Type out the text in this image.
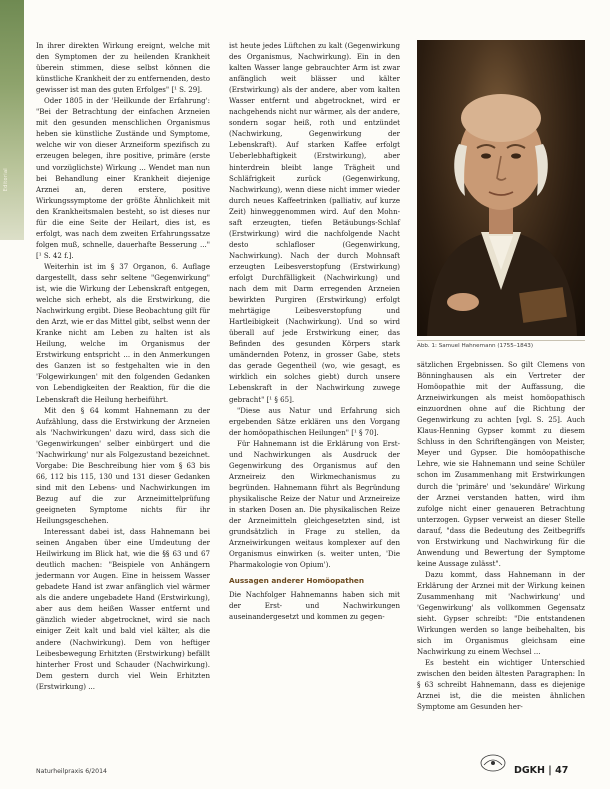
Editorial

In ihrer direkten Wirkung ereignt, welche mit den Symptomen der zu heilenden Krankheit überein stimmen, diese selbst können die künstliche Krankheit der zu entfernenden, desto gewisser ist man des guten Erfolges" [¹ S. 29].

Oder 1805 in der 'Heilkunde der Erfahrung': "Bei der Betrachtung der einfachen Arzneien mit den gesunden menschlichen Organismus heben sie künstliche Zustände und Symptome, welche wir von dieser Arzneiform spezifisch zu erzeugen belegen, ihre positive, primäre (erste und vorzüglichste) Wirkung ... Wendet man nun bei Behandlung einer Krankheit diejenige Arznei an, deren erstere, positive Wirkungssymptome der größte Ähnlichkeit mit den Krankheitsmalen besteht, so ist dieses nur für die eine Seite der Heilart, dies ist, es erfolgt, was nach dem zweiten Erfahrungssatze folgen muß, schnelle, dauerhafte Besserung ..." [¹ S. 42 f.].

Weiterhin ist im § 37 Organon, 6. Auflage dargestellt, dass sehr seltene "Gegenwirkung" ist, wie die Wirkung der Lebenskraft entgegen, welche sich erhebt, als die Erstwirkung, die Nachwirkung ergibt. Diese Beobachtung gilt für den Arzt, wie er das Mittel gibt, selbst wenn der Kranke nicht am Leben zu halten ist als Heilung, welche im Organismus der Erstwirkung entspricht ... in den Anmerkungen des Ganzen ist so festgehalten wie in den 'Folgewirkungen' mit den folgenden Gedanken von Lebendigkeiten der Reaktion, für die die Lebenskraft die Heilung herbeiführt.

Mit den § 64 kommt Hahnemann zu der Aufzählung, dass die Erstwirkung der Arzneien als 'Nachwirkungen' dazu wird, dass sich die 'Gegenwirkungen' selber einbürgert und die 'Nachwirkung' nur als Folgezustand bezeichnet. Vorgabe: Die Beschreibung hier vom § 63 bis 66, 112 bis 115, 130 und 131 dieser Gedanken sind mit den Lebens- und Nachwirkungen im Bezug auf die zur Arzneimittelprüfung geeigneten Symptome nichts für ihr Heilungsgeschehen.

Interessant dabei ist, dass Hahnemann bei seinen Angaben über eine Umdeutung der Heilwirkung im Blick hat, wie die §§ 63 und 67 deutlich machen: "Beispiele von Anhängern jedermann vor Augen. Eine in heissem Wasser gebadete Hand ist zwar anfänglich viel wärmer als die andere ungebadete Hand (Erstwirkung), aber aus dem heißen Wasser entfernt und gänzlich wieder abgetrocknet, wird sie nach einiger Zeit kalt und bald viel kälter, als die andere (Nachwirkung). Dem von heftiger Leibesbewegung Erhitzten (Erstwirkung) befällt hinterher Frost und Schauder (Nachwirkung). Dem gestern durch viel Wein Erhitzten (Erstwirkung) ...

ist heute jedes Lüftchen zu kalt (Gegenwirkung des Organismus, Nachwirkung). Ein in den kalten Wasser lange gebrauchter Arm ist zwar anfänglich weit blässer und kälter (Erstwirkung) als der andere, aber vom kalten Wasser entfernt und abgetrocknet, wird er nachgehends nicht nur wärmer, als der andere, sondern sogar heiß, roth und entzündet (Nachwirkung, Gegenwirkung der Lebenskraft). Auf starken Kaffee erfolgt Ueberlebhaftigkeit (Erstwirkung), aber hinterdrein bleibt lange Trägheit und Schläfrigkeit zurück (Gegenwirkung, Nachwirkung), wenn diese nicht immer wieder durch neues Kaffeetrinken (palliativ, auf kurze Zeit) hinweggenommen wird. Auf den Mohn-saft erzeugten, tiefen Betäubungs-Schlaf (Erstwirkung) wird die nachfolgende Nacht desto schlafloser (Gegenwirkung, Nachwirkung). Nach der durch Mohnsaft erzeugten Leibesverstopfung (Erstwirkung) erfolgt Durchfälligkeit (Nachwirkung) und nach dem mit Darm erregenden Arzneien bewirkten Purgiren (Erstwirkung) erfolgt mehrtägige Leibesverstopfung und Hartleibigkeit (Nachwirkung). Und so wird überall auf jede Erstwirkung einer, das Befinden des gesunden Körpers stark umändernden Potenz, in grosser Gabe, stets das gerade Gegentheil (wo, wie gesagt, es wirklich ein solches giebt) durch unsere Lebenskraft in der Nachwirkung zuwege gebracht" [¹ § 65].

"Diese aus Natur und Erfahrung sich ergebenden Sätze erklären uns den Vorgang der homöopathischen Heilungen" [¹ § 70].

Für Hahnemann ist die Erklärung von Erst- und Nachwirkungen als Ausdruck der Gegenwirkung des Organismus auf den Arzneireiz den Wirkmechanismus zu begründen. Hahnemann führt als Begründung physikalische Reize der Natur und Arzneireize in starken Dosen an. Die physikalischen Reize der Arzneimitteln gleichgesetzten sind, ist grundsätzlich in Frage zu stellen, da Arzneiwirkungen weitaus komplexer auf den Organismus einwirken (s. weiter unten, 'Die Pharmakologie von Opium').

Aussagen anderer Homöopathen

Die Nachfolger Hahnemanns haben sich mit der Erst- und Nachwirkungen auseinandergesetzt und kommen zu gegen-

Abb. 1: Samuel Hahnemann (1755–1843)

sätzlichen Ergebnissen. So gilt Clemens von Bönninghausen als ein Vertreter der Homöopathie mit der Auffassung, die Arzneiwirkungen als meist homöopathisch einzuordnen ohne auf die Richtung der Gegenwirkung zu achten [vgl. S. 25]. Auch Klaus-Henning Gypser kommt zu diesem Schluss in den Schriftengängen von Meister, Meyer und Gypser. Die homöopathische Lehre, wie sie Hahnemann und seine Schüler schon im Zusammenhang mit Erstwirkungen durch die 'primäre' und 'sekundäre' Wirkung der Arznei verstanden hatten, wird ihm zufolge nicht einer genaueren Betrachtung unterzogen. Gypser verweist an dieser Stelle darauf, "dass die Bedeutung des Zeitbegriffs von Erstwirkung und Nachwirkung für die Anwendung und Bewertung der Symptome keine Aussage zulässt".

Dazu kommt, dass Hahnemann in der Erklärung der Arznei mit der Wirkung keinen Zusammenhang mit 'Nachwirkung' und 'Gegenwirkung' als vollkommen Gegensatz sieht. Gypser schreibt: "Die entstandenen Wirkungen werden so lange beibehalten, bis sich im Organismus gleichsam eine Nachwirkung zu einem Wechsel ...

Es besteht ein wichtiger Unterschied zwischen den beiden ältesten Paragraphen: In § 63 schreibt Hahnemann, dass es diejenige Arznei ist, die die meisten ähnlichen Symptome am Gesunden her-

Naturheilpraxis 6/2014	DGKH | 47
